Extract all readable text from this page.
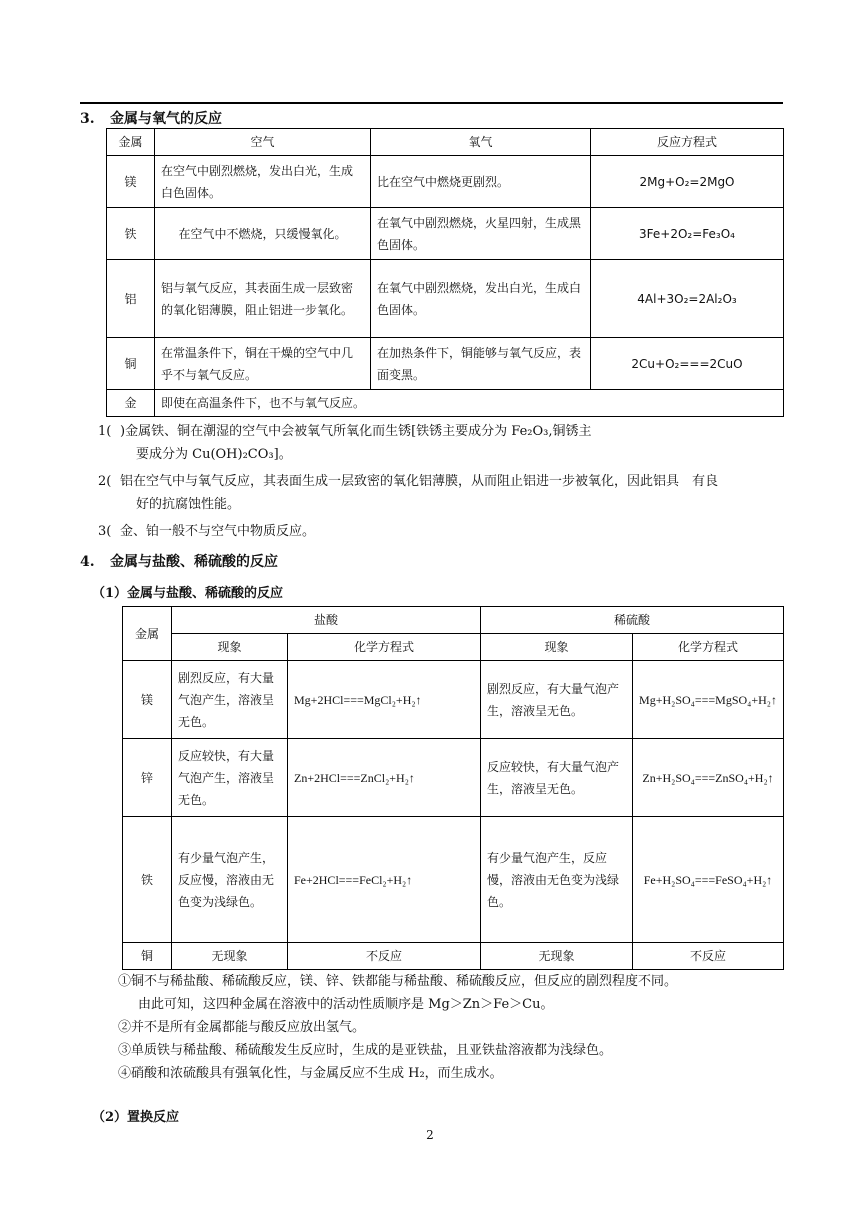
3. 金属与氧气的反应
金属	空气	氧气	反应方程式
镁	在空气中剧烈燃烧，发出白光，生成白色固体。	比在空气中燃烧更剧烈。	2Mg+O₂=2MgO
铁	在空气中不燃烧，只缓慢氧化。	在氧气中剧烈燃烧，火星四射，生成黑色固体。	3Fe+2O₂=Fe₃O₄
铝	铝与氧气反应，其表面生成一层致密的氧化铝薄膜，阻止铝进一步氧化。	在氧气中剧烈燃烧，发出白光，生成白色固体。	4Al+3O₂=2Al₂O₃
铜	在常温条件下，铜在干燥的空气中几乎不与氧气反应。	在加热条件下，铜能够与氧气反应，表面变黑。	2Cu+O₂===2CuO
金	即使在高温条件下，也不与氧气反应。		
1( )金属铁、铜在潮湿的空气中会被氧气所氧化而生锈[铁锈主要成分为 Fe₂O₃,铜锈主
要成分为 Cu(OH)₂CO₃]。
2( 铝在空气中与氧气反应，其表面生成一层致密的氧化铝薄膜，从而阻止铝进一步被氧化，因此铝具　有良
好的抗腐蚀性能。
3( 金、铂一般不与空气中物质反应。
4. 金属与盐酸、稀硫酸的反应
（1）金属与盐酸、稀硫酸的反应
金属	盐酸		稀硫酸	
	现象	化学方程式	现象	化学方程式
镁	剧烈反应，有大量气泡产生，溶液呈无色。	Mg+2HCl===MgCl₂+H₂↑	剧烈反应，有大量气泡产生，溶液呈无色。	Mg+H₂SO₄===MgSO₄+H₂↑
锌	反应较快，有大量气泡产生，溶液呈无色。	Zn+2HCl===ZnCl₂+H₂↑	反应较快，有大量气泡产生，溶液呈无色。	Zn+H₂SO₄===ZnSO₄+H₂↑
铁	有少量气泡产生，反应慢，溶液由无色变为浅绿色。	Fe+2HCl===FeCl₂+H₂↑	有少量气泡产生，反应慢，溶液由无色变为浅绿色。	Fe+H₂SO₄===FeSO₄+H₂↑
铜	无现象	不反应	无现象	不反应
①铜不与稀盐酸、稀硫酸反应，镁、锌、铁都能与稀盐酸、稀硫酸反应，但反应的剧烈程度不同。
由此可知，这四种金属在溶液中的活动性质顺序是 Mg＞Zn＞Fe＞Cu。
②并不是所有金属都能与酸反应放出氢气。
③单质铁与稀盐酸、稀硫酸发生反应时，生成的是亚铁盐，且亚铁盐溶液都为浅绿色。
④硝酸和浓硫酸具有强氧化性，与金属反应不生成 H₂，而生成水。
（2）置换反应
2
